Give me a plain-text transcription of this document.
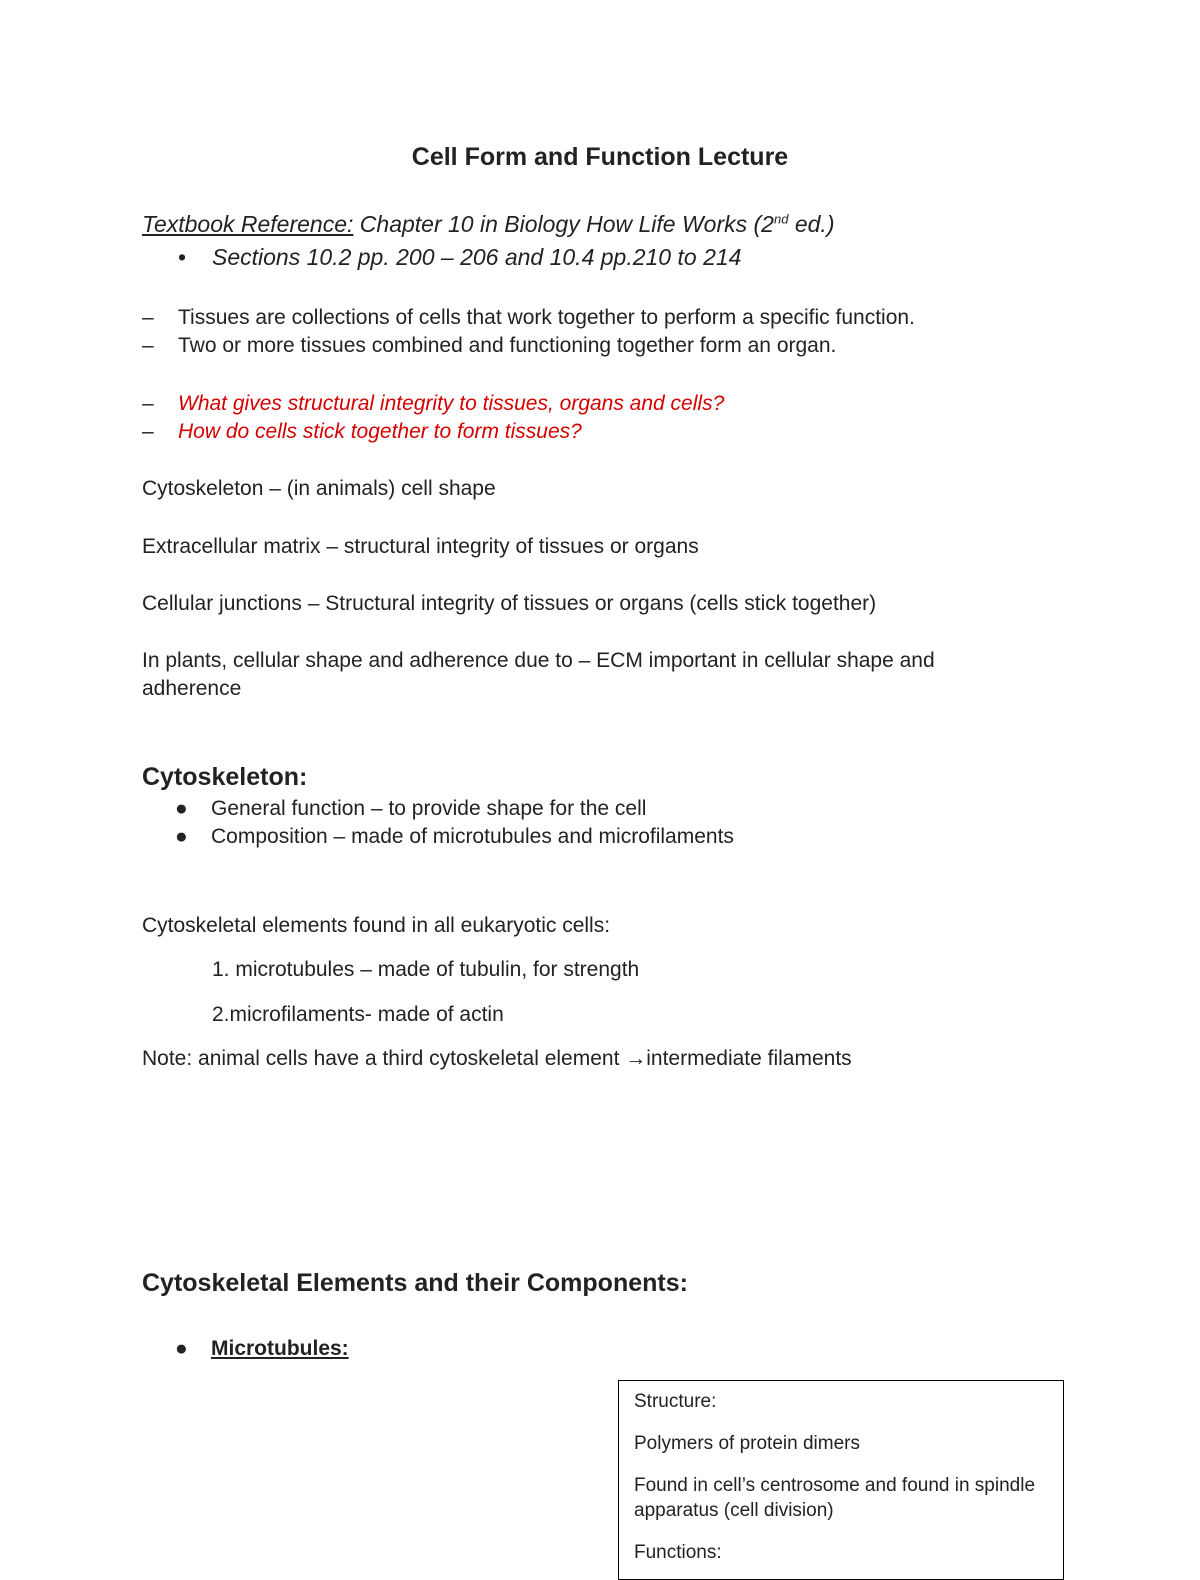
Cell Form and Function Lecture
Textbook Reference: Chapter 10 in Biology How Life Works (2nd ed.)
• Sections 10.2 pp. 200 – 206 and 10.4 pp.210 to 214
– Tissues are collections of cells that work together to perform a specific function.
– Two or more tissues combined and functioning together form an organ.
– What gives structural integrity to tissues, organs and cells?
– How do cells stick together to form tissues?
Cytoskeleton – (in animals) cell shape
Extracellular matrix – structural integrity of tissues or organs
Cellular junctions – Structural integrity of tissues or organs (cells stick together)
In plants, cellular shape and adherence due to – ECM important in cellular shape and
adherence
Cytoskeleton:
● General function – to provide shape for the cell
● Composition – made of microtubules and microfilaments
Cytoskeletal elements found in all eukaryotic cells:
1. microtubules – made of tubulin, for strength
2.microfilaments- made of actin
Note: animal cells have a third cytoskeletal element →intermediate filaments
Cytoskeletal Elements and their Components:
● Microtubules:

Structure:

Polymers of protein dimers

Found in cell’s centrosome and found in spindle apparatus (cell division)

Functions:
